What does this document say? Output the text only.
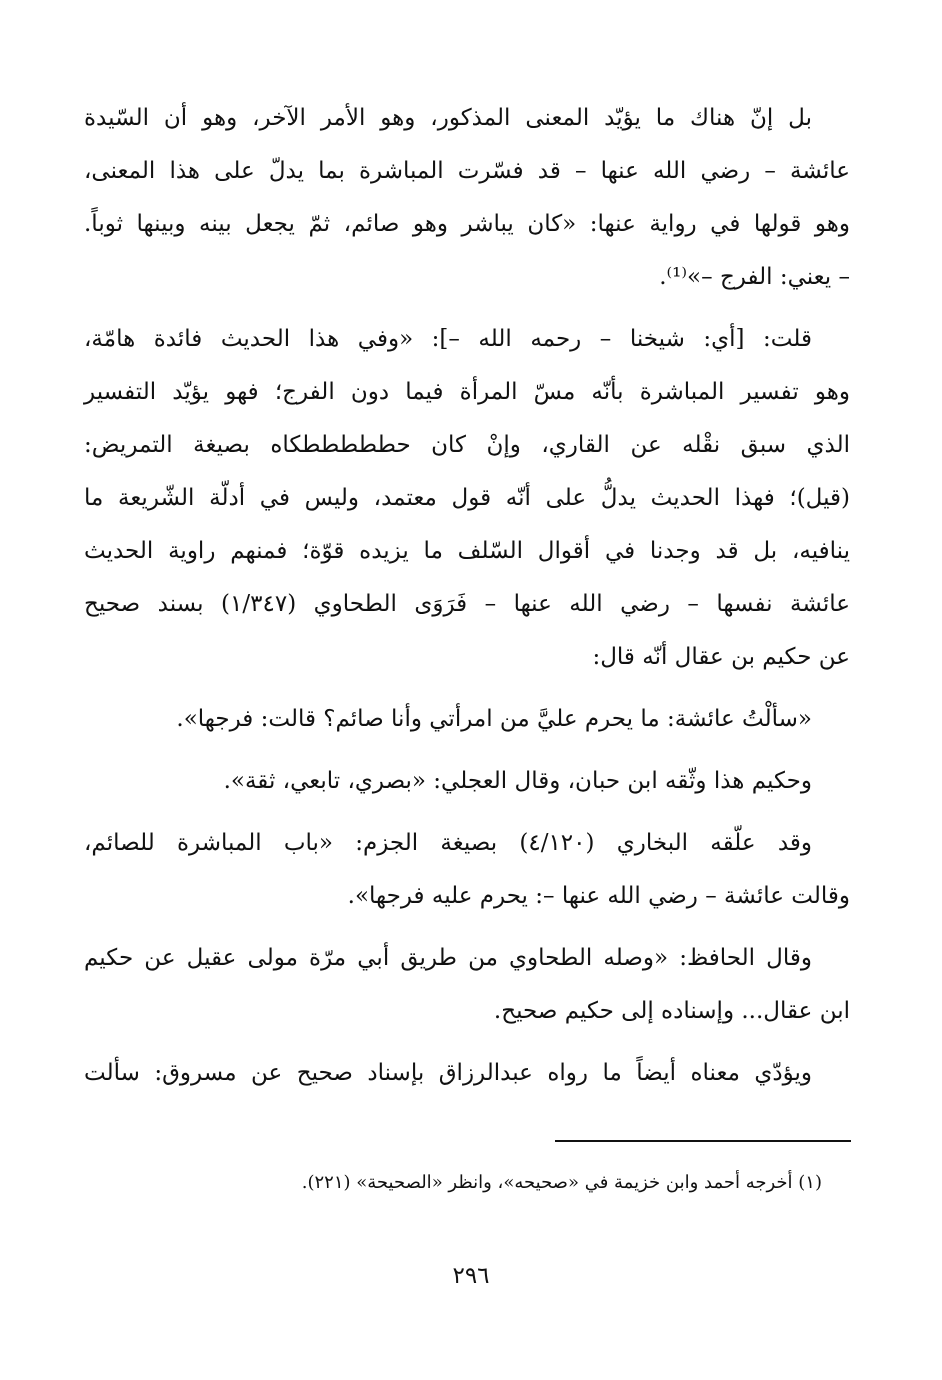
بل إنّ هناك ما يؤيّد المعنى المذكور، وهو الأمر الآخر، وهو أن السّيدة
عائشة – رضي الله عنها – قد فسّرت المباشرة بما يدلّ على هذا المعنى،
وهو قولها في رواية عنها: «كان يباشر وهو صائم، ثمّ يجعل بينه وبينها ثوباً.
– يعني: الفرج –»⁽¹⁾.
قلت: [أي: شيخنا – رحمه الله –]: «وفي هذا الحديث فائدة هامّة،
وهو تفسير المباشرة بأنّه مسّ المرأة فيما دون الفرج؛ فهو يؤيّد التفسير
الذي سبق نقْله عن القاري، وإنْ كان حطططططكاه بصيغة التمريض:
(قيل)؛ فهذا الحديث يدلُّ على أنّه قول معتمد، وليس في أدلّة الشّريعة ما
ينافيه، بل قد وجدنا في أقوال السّلف ما يزيده قوّة؛ فمنهم راوية الحديث
عائشة نفسها – رضي الله عنها – فَرَوَى الطحاوي (١/٣٤٧) بسند صحيح
عن حكيم بن عقال أنّه قال:
«سألْتُ عائشة: ما يحرم عليَّ من امرأتي وأنا صائم؟ قالت: فرجها».
وحكيم هذا وثّقه ابن حبان، وقال العجلي: «بصري، تابعي، ثقة».
وقد علّقه البخاري (٤/١٢٠) بصيغة الجزم: «باب المباشرة للصائم،
وقالت عائشة – رضي الله عنها –: يحرم عليه فرجها».
وقال الحافظ: «وصله الطحاوي من طريق أبي مرّة مولى عقيل عن حكيم
ابن عقال... وإسناده إلى حكيم صحيح.
ويؤدّي معناه أيضاً ما رواه عبدالرزاق بإسناد صحيح عن مسروق: سألت
(١) أخرجه أحمد وابن خزيمة في «صحيحه»، وانظر «الصحيحة» (٢٢١).
٢٩٦
